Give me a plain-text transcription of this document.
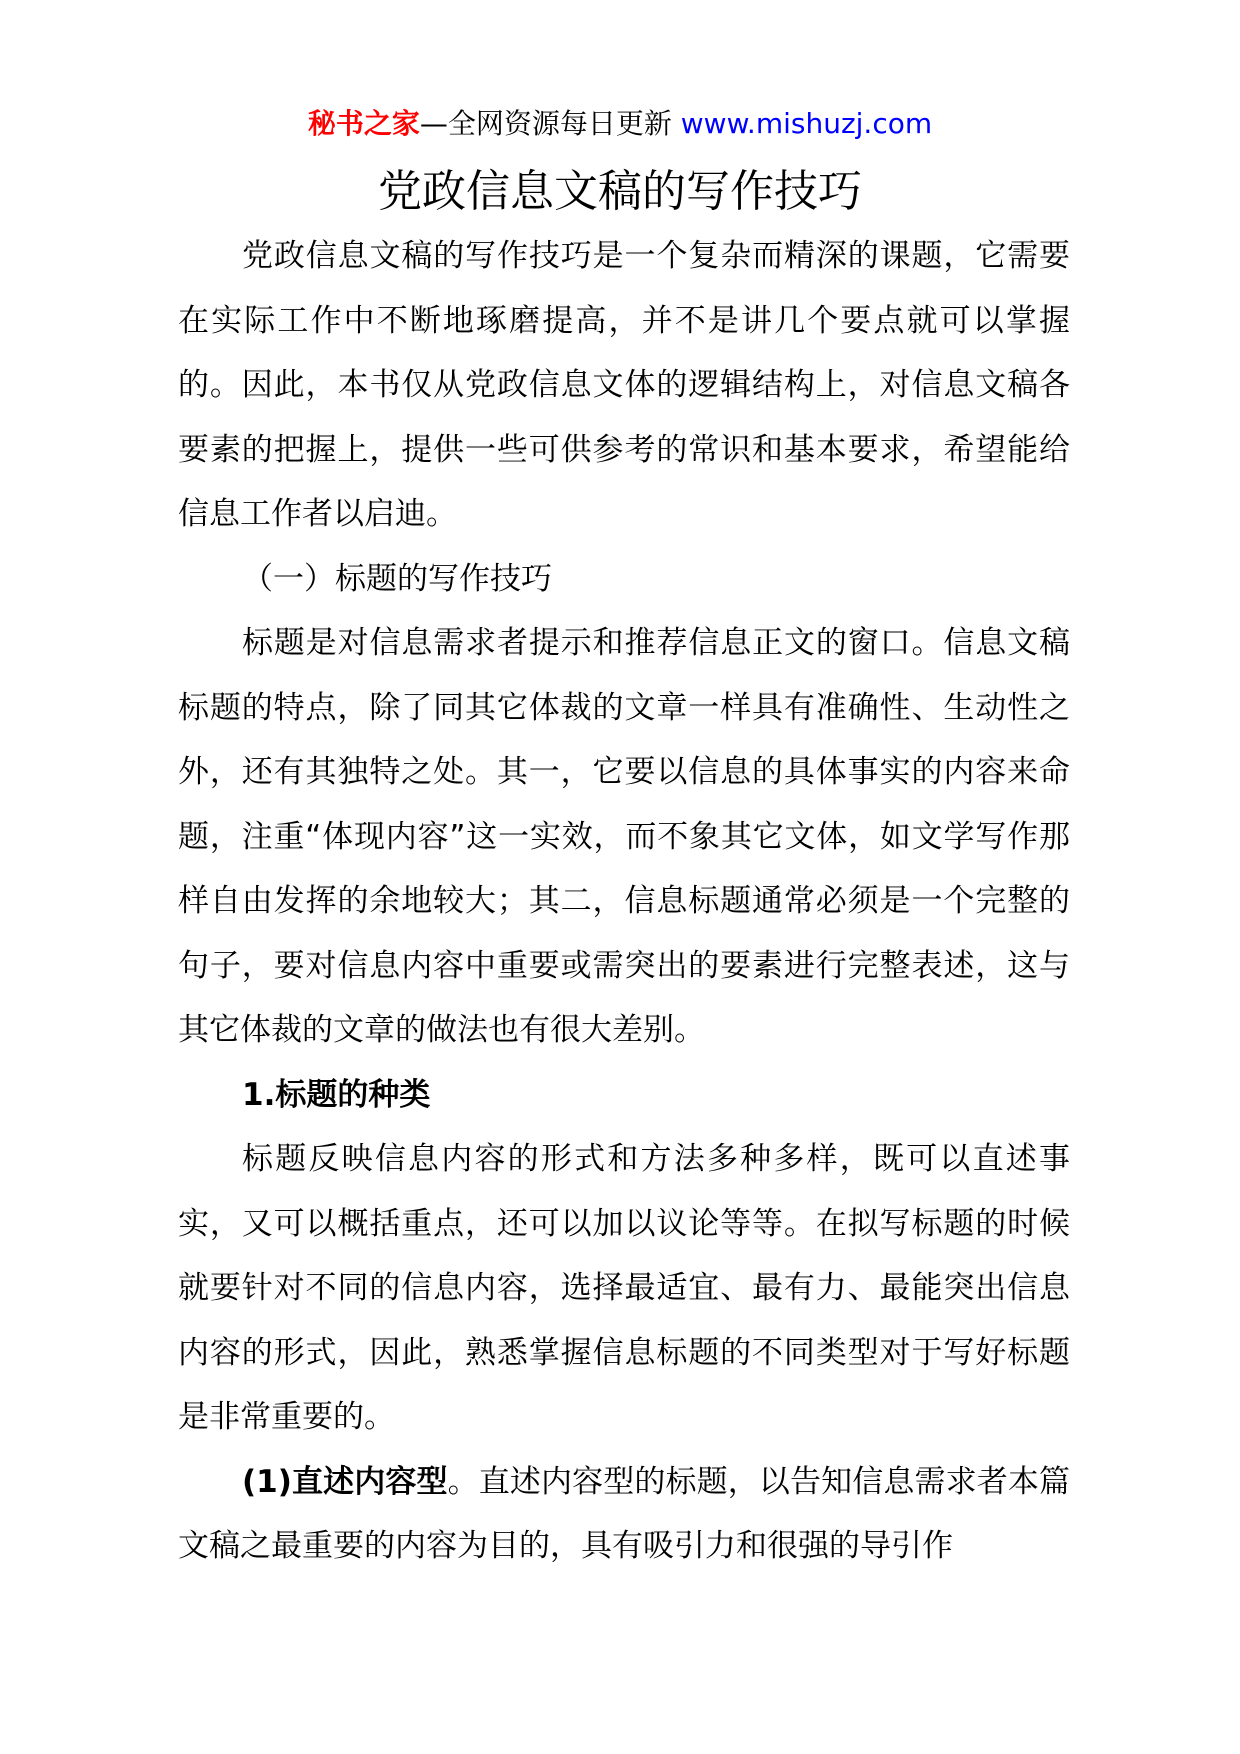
秘书之家—全网资源每日更新 www.mishuzj.com
党政信息文稿的写作技巧

党政信息文稿的写作技巧是一个复杂而精深的课题，它需要在实际工作中不断地琢磨提高，并不是讲几个要点就可以掌握的。因此，本书仅从党政信息文体的逻辑结构上，对信息文稿各要素的把握上，提供一些可供参考的常识和基本要求，希望能给信息工作者以启迪。

（一）标题的写作技巧

标题是对信息需求者提示和推荐信息正文的窗口。信息文稿标题的特点，除了同其它体裁的文章一样具有准确性、生动性之外，还有其独特之处。其一，它要以信息的具体事实的内容来命题，注重“体现内容”这一实效，而不象其它文体，如文学写作那样自由发挥的余地较大；其二，信息标题通常必须是一个完整的句子，要对信息内容中重要或需突出的要素进行完整表述，这与其它体裁的文章的做法也有很大差别。

1.标题的种类

标题反映信息内容的形式和方法多种多样，既可以直述事实，又可以概括重点，还可以加以议论等等。在拟写标题的时候就要针对不同的信息内容，选择最适宜、最有力、最能突出信息内容的形式，因此，熟悉掌握信息标题的不同类型对于写好标题是非常重要的。

(1)直述内容型。直述内容型的标题，以告知信息需求者本篇文稿之最重要的内容为目的，具有吸引力和很强的导引作
